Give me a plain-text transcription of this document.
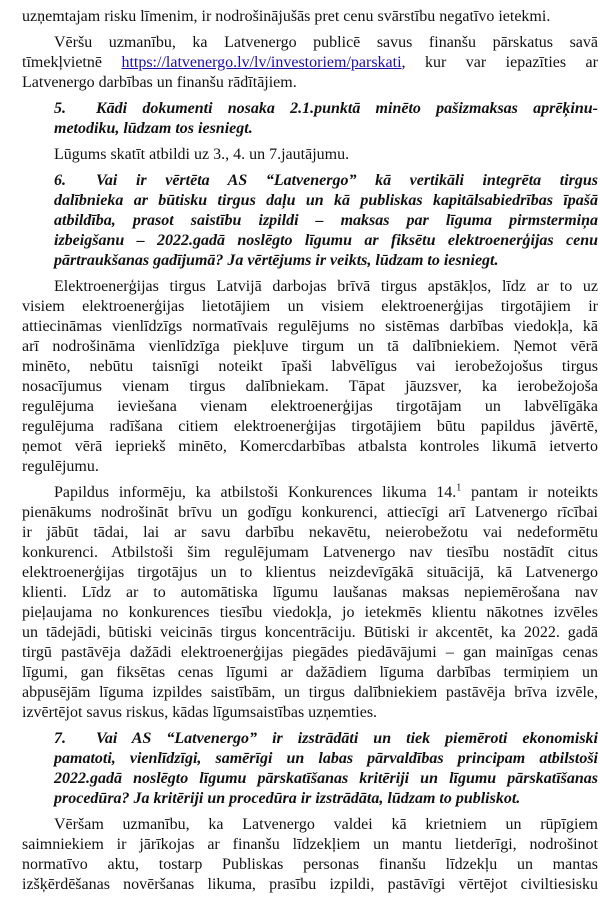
uzņemtajam risku līmenim, ir nodrošinājušās pret cenu svārstību negatīvo ietekmi.
Vēršu uzmanību, ka Latvenergo publicē savus finanšu pārskatus savā
tīmekļvietnē https://latvenergo.lv/lv/investoriem/parskati, kur var iepazīties ar
Latvenergo darbības un finanšu rādītājiem.
5. Kādi dokumenti nosaka 2.1.punktā minēto pašizmaksas aprēķinu-
metodiku, lūdzam tos iesniegt.
Lūgums skatīt atbildi uz 3., 4. un 7.jautājumu.
6. Vai ir vērtēta AS “Latvenergo” kā vertikāli integrēta tirgus
dalībnieka ar būtisku tirgus daļu un kā publiskas kapitālsabiedrības īpašā
atbildība, prasot saistību izpildi – maksas par līguma pirmstermiņa
izbeigšanu – 2022.gadā noslēgto līgumu ar fiksētu elektroenerģijas cenu
pārtraukšanas gadījumā? Ja vērtējums ir veikts, lūdzam to iesniegt.
Elektroenerģijas tirgus Latvijā darbojas brīvā tirgus apstākļos, līdz ar to uz
visiem elektroenerģijas lietotājiem un visiem elektroenerģijas tirgotājiem ir
attiecināmas vienlīdzīgs normatīvais regulējums no sistēmas darbības viedokļa, kā
arī nodrošināma vienlīdzīga piekļuve tirgum un tā dalībniekiem. Ņemot vērā
minēto, nebūtu taisnīgi noteikt īpaši labvēlīgus vai ierobežojošus tirgus
nosacījumus vienam tirgus dalībniekam. Tāpat jāuzsver, ka ierobežojoša
regulējuma ieviešana vienam elektroenerģijas tirgotājam un labvēlīgāka
regulējuma radīšana citiem elektroenerģijas tirgotājiem būtu papildus jāvērtē,
ņemot vērā iepriekš minēto, Komercdarbības atbalsta kontroles likumā ietverto
regulējumu.
Papildus informēju, ka atbilstoši Konkurences likuma 14.$^1$ pantam ir noteikts
pienākums nodrošināt brīvu un godīgu konkurenci, attiecīgi arī Latvenergo rīcībai
ir jābūt tādai, lai ar savu darbību nekavētu, neierobežotu vai nedeformētu
konkurenci. Atbilstoši šim regulējumam Latvenergo nav tiesību nostādīt citus
elektroenerģijas tirgotājus un to klientus neizdevīgākā situācijā, kā Latvenergo
klienti. Līdz ar to automātiska līgumu laušanas maksas nepiemērošana nav
pieļaujama no konkurences tiesību viedokļa, jo ietekmēs klientu nākotnes izvēles
un tādejādi, būtiski veicinās tirgus koncentrāciju. Būtiski ir akcentēt, ka 2022. gadā
tirgū pastāvēja dažādi elektroenerģijas piegādes piedāvājumi – gan mainīgas cenas
līgumi, gan fiksētas cenas līgumi ar dažādiem līguma darbības termiņiem un
abpusējām līguma izpildes saistībām, un tirgus dalībniekiem pastāvēja brīva izvēle,
izvērtējot savus riskus, kādas līgumsaistības uzņemties.
7. Vai AS “Latvenergo” ir izstrādāti un tiek piemēroti ekonomiski
pamatoti, vienlīdzīgi, samērīgi un labas pārvaldības principam atbilstoši
2022.gadā noslēgto līgumu pārskatīšanas kritēriji un līgumu pārskatīšanas
procedūra? Ja kritēriji un procedūra ir izstrādāta, lūdzam to publiskot.
Vēršam uzmanību, ka Latvenergo valdei kā krietniem un rūpīgiem
saimniekiem ir jārīkojas ar finanšu līdzekļiem un mantu lietderīgi, nodrošinot
normatīvo aktu, tostarp Publiskas personas finanšu līdzekļu un mantas
izšķērdēšanas novēršanas likuma, prasību izpildi, pastāvīgi vērtējot civiltiesisku
